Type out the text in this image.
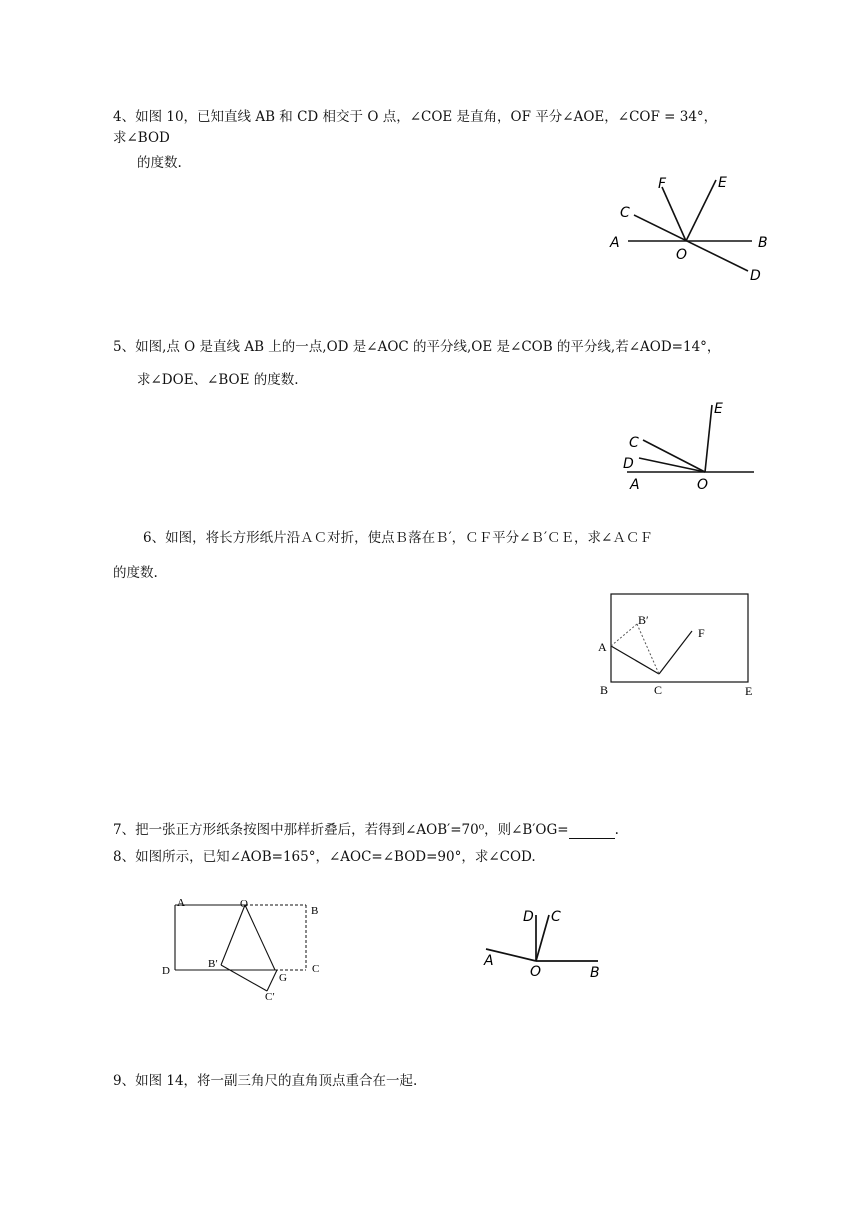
4、如图 10，已知直线 AB 和 CD 相交于 O 点，∠COE 是直角，OF 平分∠AOE，∠COF = 34°，
求∠BOD
的度数.
A	B
C
D
E
F
O
5、如图,点 O 是直线 AB 上的一点,OD 是∠AOC 的平分线,OE 是∠COB 的平分线,若∠AOD=14°，
求∠DOE、∠BOE 的度数.
E
C
D
A	O
6、如图，将长方形纸片沿ＡＣ对折，使点Ｂ落在Ｂ′，ＣＦ平分∠Ｂ′ＣＥ，求∠ＡＣＦ
的度数.
B′
F
A
B	C	E
7、把一张正方形纸条按图中那样折叠后，若得到∠AOB′=70⁰，则∠B′OG=	.
8、如图所示，已知∠AOB=165°，∠AOC=∠BOD=90°，求∠COD.
A	O
B
D
B′
G
C
C′
D C
A
O	B
9、如图 14，将一副三角尺的直角顶点重合在一起.
